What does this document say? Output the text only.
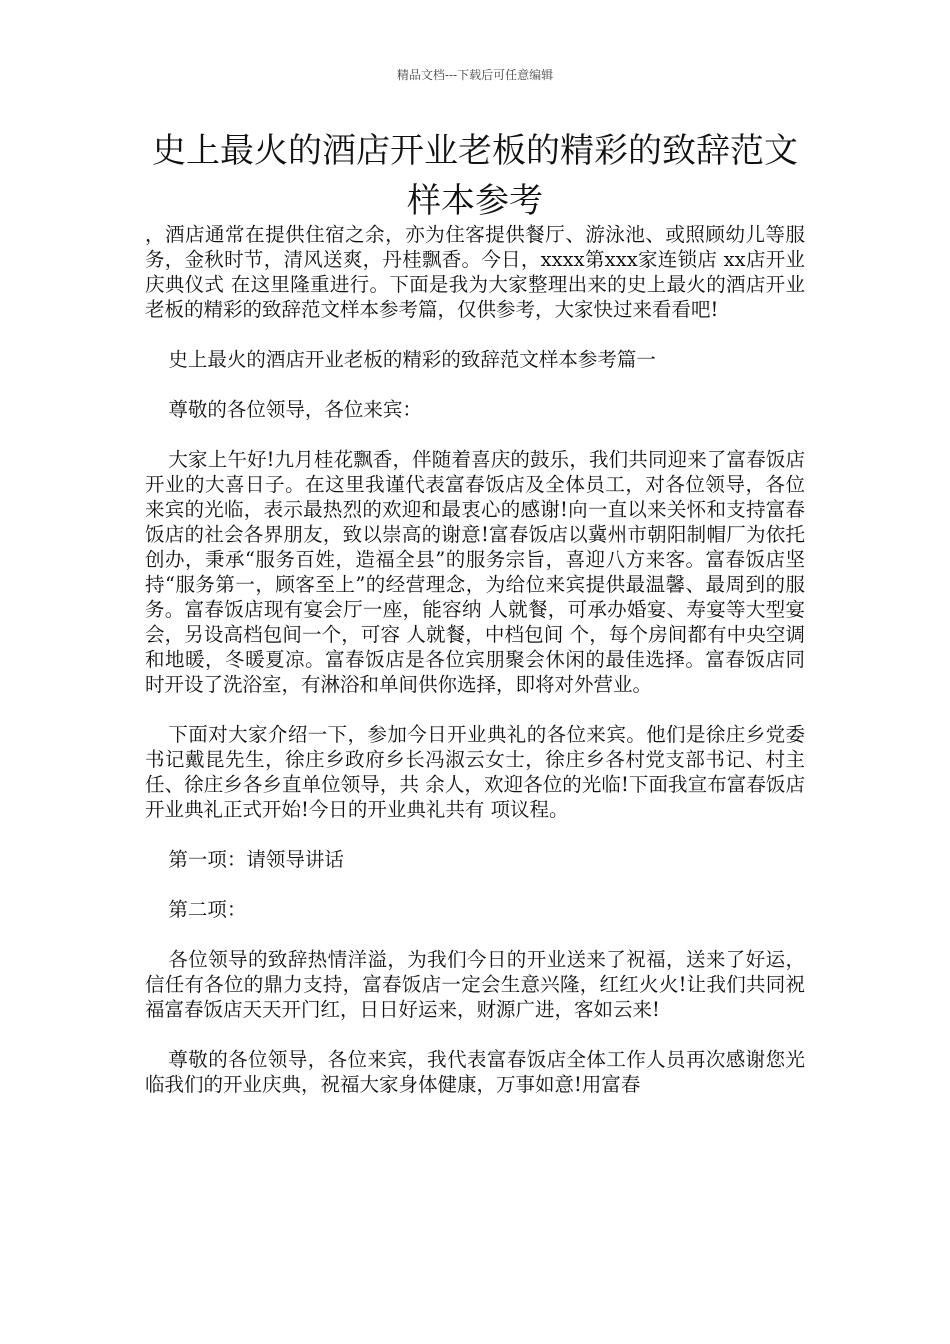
精品文档---下载后可任意编辑
史上最火的酒店开业老板的精彩的致辞范文样本参考

，酒店通常在提供住宿之余，亦为住客提供餐厅、游泳池、或照顾幼儿等服务，金秋时节，清风送爽，丹桂飘香。今日，xxxx第xxx家连锁店 xx店开业庆典仪式 在这里隆重进行。下面是我为大家整理出来的史上最火的酒店开业老板的精彩的致辞范文样本参考篇，仅供参考，大家快过来看看吧!

史上最火的酒店开业老板的精彩的致辞范文样本参考篇一

尊敬的各位领导，各位来宾：

大家上午好!九月桂花飘香，伴随着喜庆的鼓乐，我们共同迎来了富春饭店开业的大喜日子。在这里我谨代表富春饭店及全体员工，对各位领导，各位来宾的光临，表示最热烈的欢迎和最衷心的感谢!向一直以来关怀和支持富春饭店的社会各界朋友，致以崇高的谢意!富春饭店以冀州市朝阳制帽厂为依托创办，秉承“服务百姓，造福全县”的服务宗旨，喜迎八方来客。富春饭店坚持“服务第一，顾客至上”的经营理念，为给位来宾提供最温馨、最周到的服务。富春饭店现有宴会厅一座，能容纳 人就餐，可承办婚宴、寿宴等大型宴会，另设高档包间一个，可容 人就餐，中档包间 个，每个房间都有中央空调和地暖，冬暖夏凉。富春饭店是各位宾朋聚会休闲的最佳选择。富春饭店同时开设了洗浴室，有淋浴和单间供你选择，即将对外营业。

下面对大家介绍一下，参加今日开业典礼的各位来宾。他们是徐庄乡党委书记戴昆先生，徐庄乡政府乡长冯淑云女士，徐庄乡各村党支部书记、村主任、徐庄乡各乡直单位领导，共 余人，欢迎各位的光临!下面我宣布富春饭店开业典礼正式开始!今日的开业典礼共有 项议程。

第一项：请领导讲话

第二项：

各位领导的致辞热情洋溢，为我们今日的开业送来了祝福，送来了好运，信任有各位的鼎力支持，富春饭店一定会生意兴隆，红红火火!让我们共同祝福富春饭店天天开门红，日日好运来，财源广进，客如云来!

尊敬的各位领导，各位来宾，我代表富春饭店全体工作人员再次感谢您光临我们的开业庆典，祝福大家身体健康，万事如意!用富春
